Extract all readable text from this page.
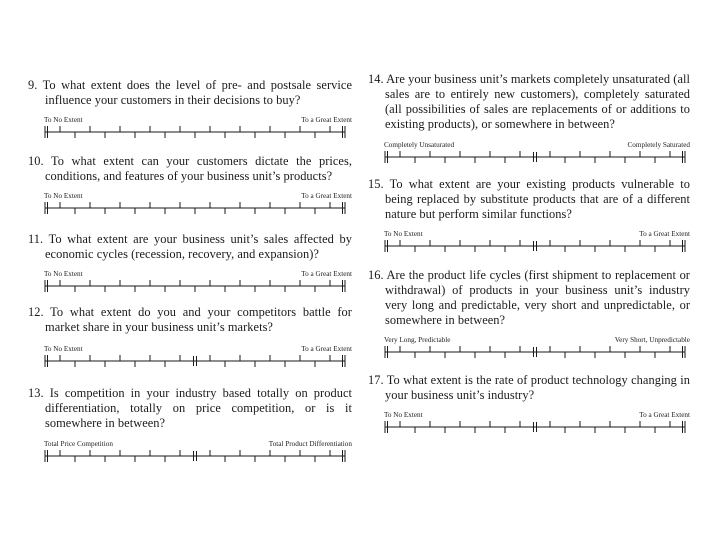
9. To what extent does the level of pre- and postsale service influence your customers in their decisions to buy?

To No Extent	To a Great Extent

10. To what extent can your customers dictate the prices, conditions, and features of your business unit’s products?

To No Extent	To a Great Extent

11. To what extent are your business unit’s sales affected by economic cycles (recession, recovery, and expansion)?

To No Extent	To a Great Extent

12. To what extent do you and your competitors battle for market share in your business unit’s markets?

To No Extent	To a Great Extent

13. Is competition in your industry based totally on product differentiation, totally on price competition, or is it somewhere in between?

Total Price Competition	Total Product Differentiation

14. Are your business unit’s markets completely unsaturated (all sales are to entirely new customers), completely saturated (all possibilities of sales are replacements of or additions to existing products), or somewhere in between?

Completely Unsaturated	Completely Saturated

15. To what extent are your existing products vulnerable to being replaced by substitute products that are of a different nature but perform similar functions?

To No Extent	To a Great Extent

16. Are the product life cycles (first shipment to replacement or withdrawal) of products in your business unit’s industry very long and predictable, very short and unpredictable, or somewhere in between?

Very Long, Predictable	Very Short, Unpredictable

17. To what extent is the rate of product technology changing in your business unit’s industry?

To No Extent	To a Great Extent
